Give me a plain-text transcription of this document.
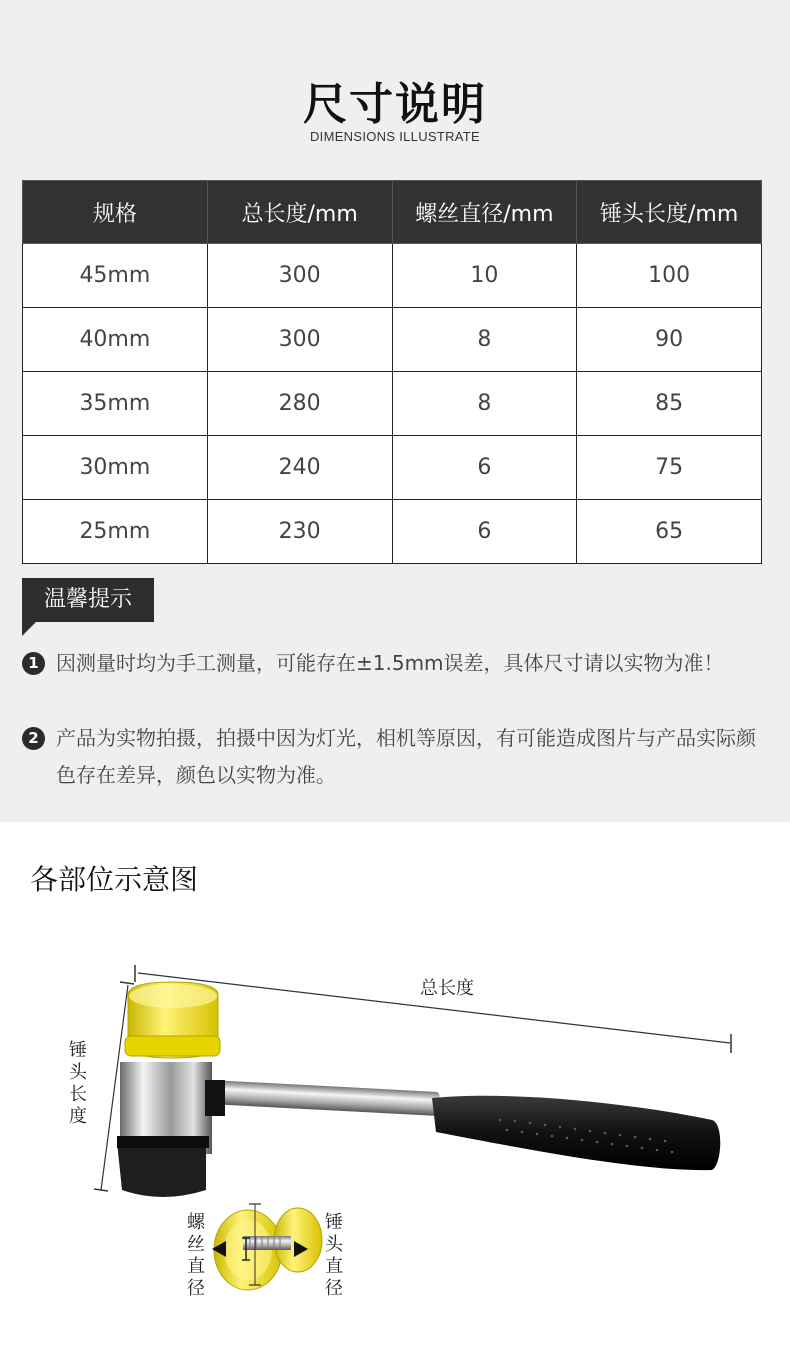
尺寸说明
DIMENSIONS ILLUSTRATE
规格	总长度/mm	螺丝直径/mm	锤头长度/mm
45mm	300	10	100
40mm	300	8	90
35mm	280	8	85
30mm	240	6	75
25mm	230	6	65
温馨提示
1 因测量时均为手工测量，可能存在±1.5mm误差，具体尺寸请以实物为准！
2 产品为实物拍摄，拍摄中因为灯光，相机等原因，有可能造成图片与产品实际颜色存在差异，颜色以实物为准。
各部位示意图
总长度
锤头长度
螺丝直径
锤头直径
